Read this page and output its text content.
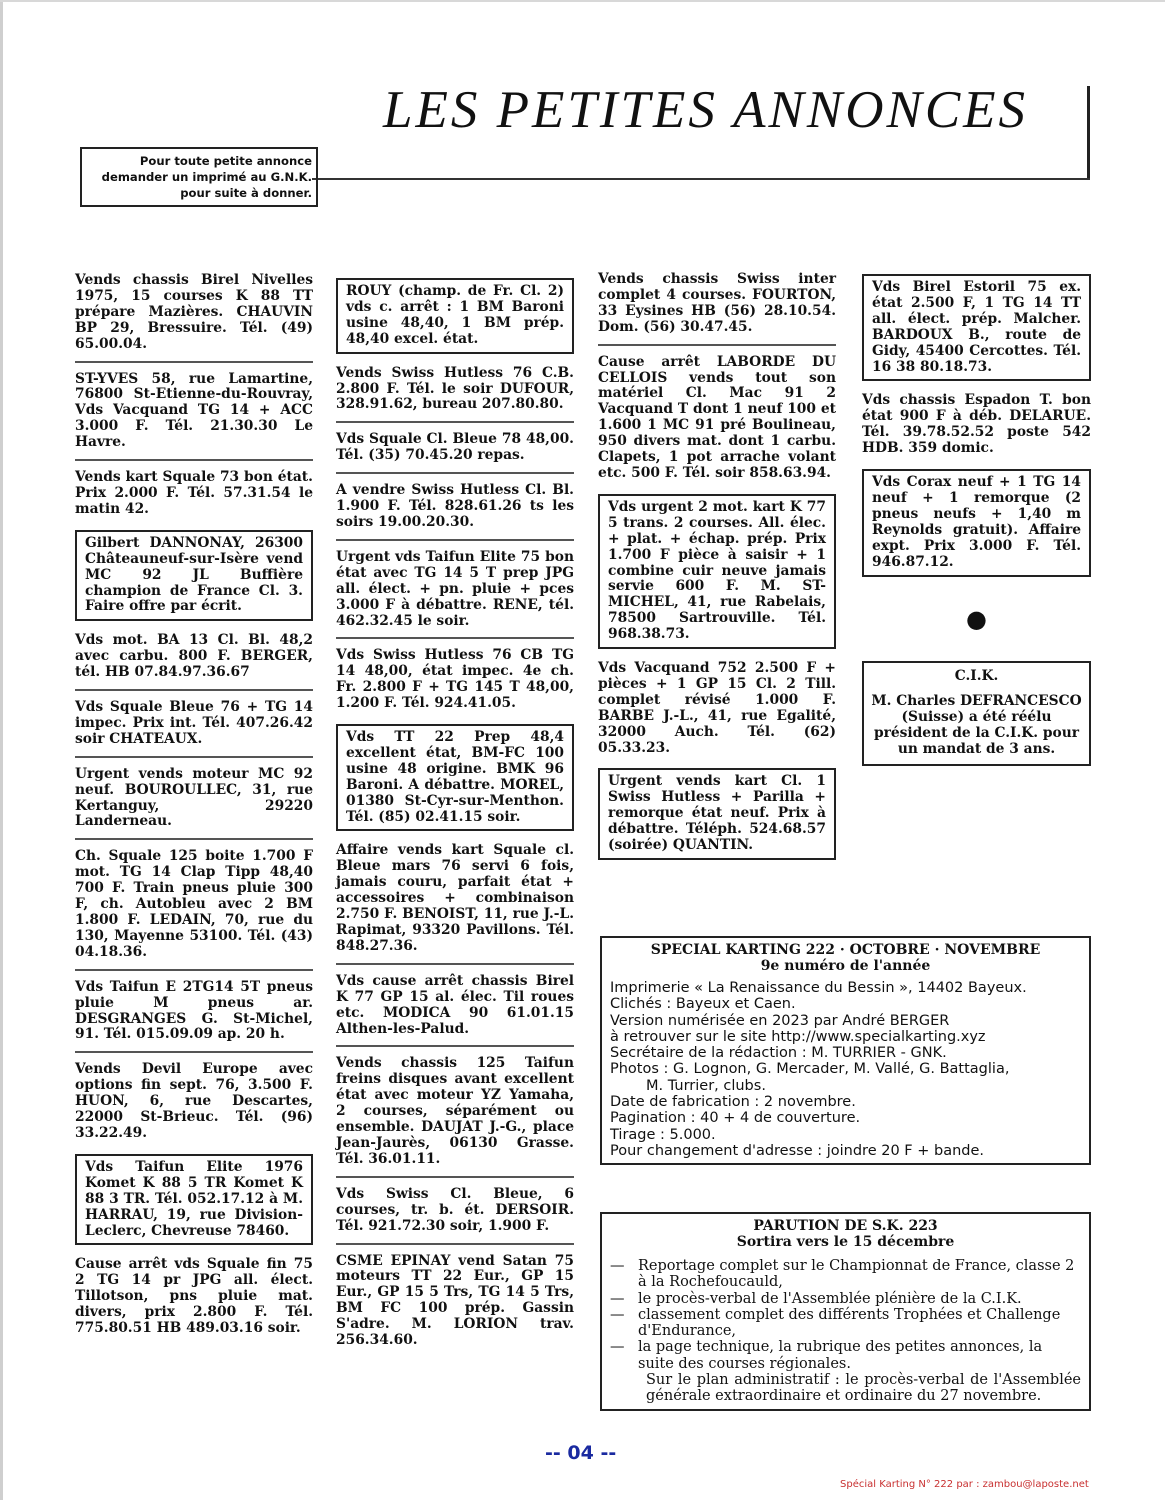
LES PETITES ANNONCES
Pour toute petite annonce demander un imprimé au G.N.K. pour suite à donner.
Vends chassis Birel Nivelles 1975, 15 courses K 88 TT prépare Mazières. CHAUVIN BP 29, Bressuire. Tél. (49) 65.00.04.
ST-YVES 58, rue Lamartine, 76800 St-Etienne-du-Rouvray, Vds Vacquand TG 14 + ACC 3.000 F. Tél. 21.30.30 Le Havre.
Vends kart Squale 73 bon état. Prix 2.000 F. Tél. 57.31.54 le matin 42.
Gilbert DANNONAY, 26300 Châteauneuf-sur-Isère vend MC 92 JL Buffière champion de France Cl. 3. Faire offre par écrit.
Vds mot. BA 13 Cl. Bl. 48,2 avec carbu. 800 F. BERGER, tél. HB 07.84.97.36.67
Vds Squale Bleue 76 + TG 14 impec. Prix int. Tél. 407.26.42 soir CHATEAUX.
Urgent vends moteur MC 92 neuf. BOUROULLEC, 31, rue Kertanguy, 29220 Landerneau.
Ch. Squale 125 boite 1.700 F mot. TG 14 Clap Tipp 48,40 700 F. Train pneus pluie 300 F, ch. Autobleu avec 2 BM 1.800 F. LEDAIN, 70, rue du 130, Mayenne 53100. Tél. (43) 04.18.36.
Vds Taifun E 2TG14 5T pneus pluie M pneus ar. DESGRANGES G. St-Michel, 91. Tél. 015.09.09 ap. 20 h.
Vends Devil Europe avec options fin sept. 76, 3.500 F. HUON, 6, rue Descartes, 22000 St-Brieuc. Tél. (96) 33.22.49.
Vds Taifun Elite 1976 Komet K 88 5 TR Komet K 88 3 TR. Tél. 052.17.12 à M. HARRAU, 19, rue Division-Leclerc, Chevreuse 78460.
Cause arrêt vds Squale fin 75 2 TG 14 pr JPG all. élect. Tillotson, pns pluie mat. divers, prix 2.800 F. Tél. 775.80.51 HB 489.03.16 soir.
ROUY (champ. de Fr. Cl. 2) vds c. arrêt : 1 BM Baroni usine 48,40, 1 BM prép. 48,40 excel. état.
Vends Swiss Hutless 76 C.B. 2.800 F. Tél. le soir DUFOUR, 328.91.62, bureau 207.80.80.
Vds Squale Cl. Bleue 78 48,00. Tél. (35) 70.45.20 repas.
A vendre Swiss Hutless Cl. Bl. 1.900 F. Tél. 828.61.26 ts les soirs 19.00.20.30.
Urgent vds Taifun Elite 75 bon état avec TG 14 5 T prep JPG all. élect. + pn. pluie + pces 3.000 F à débattre. RENE, tél. 462.32.45 le soir.
Vds Swiss Hutless 76 CB TG 14 48,00, état impec. 4e ch. Fr. 2.800 F + TG 145 T 48,00, 1.200 F. Tél. 924.41.05.
Vds TT 22 Prep 48,4 excellent état, BM-FC 100 usine 48 origine. BMK 96 Baroni. A débattre. MOREL, 01380 St-Cyr-sur-Menthon. Tél. (85) 02.41.15 soir.
Affaire vends kart Squale cl. Bleue mars 76 servi 6 fois, jamais couru, parfait état + accessoires + combinaison 2.750 F. BENOIST, 11, rue J.-L. Rapimat, 93320 Pavillons. Tél. 848.27.36.
Vds cause arrêt chassis Birel K 77 GP 15 al. élec. Til roues etc. MODICA 90 61.01.15 Althen-les-Palud.
Vends chassis 125 Taifun freins disques avant excellent état avec moteur YZ Yamaha, 2 courses, séparément ou ensemble. DAUJAT J.-G., place Jean-Jaurès, 06130 Grasse. Tél. 36.01.11.
Vds Swiss Cl. Bleue, 6 courses, tr. b. ét. DERSOIR. Tél. 921.72.30 soir, 1.900 F.
CSME EPINAY vend Satan 75 moteurs TT 22 Eur., GP 15 Eur., GP 15 5 Trs, TG 14 5 Trs, BM FC 100 prép. Gassin S'adre. M. LORION trav. 256.34.60.
Vends chassis Swiss inter complet 4 courses. FOURTON, 33 Eysines HB (56) 28.10.54. Dom. (56) 30.47.45.
Cause arrêt LABORDE DU CELLOIS vends tout son matériel Cl. Mac 91 2 Vacquand T dont 1 neuf 100 et 1.600 1 MC 91 pré Boulineau, 950 divers mat. dont 1 carbu. Clapets, 1 pot arrache volant etc. 500 F. Tél. soir 858.63.94.
Vds urgent 2 mot. kart K 77 5 trans. 2 courses. All. élec. + plat. + échap. prép. Prix 1.700 F pièce à saisir + 1 combine cuir neuve jamais servie 600 F. M. ST-MICHEL, 41, rue Rabelais, 78500 Sartrouville. Tél. 968.38.73.
Vds Vacquand 752 2.500 F + pièces + 1 GP 15 Cl. 2 Till. complet révisé 1.000 F. BARBE J.-L., 41, rue Egalité, 32000 Auch. Tél. (62) 05.33.23.
Urgent vends kart Cl. 1 Swiss Hutless + Parilla + remorque état neuf. Prix à débattre. Téléph. 524.68.57 (soirée) QUANTIN.
Vds Birel Estoril 75 ex. état 2.500 F, 1 TG 14 TT all. élect. prép. Malcher. BARDOUX B., route de Gidy, 45400 Cercottes. Tél. 16 38 80.18.73.
Vds chassis Espadon T. bon état 900 F à déb. DELARUE. Tél. 39.78.52.52 poste 542 HDB. 359 domic.
Vds Corax neuf + 1 TG 14 neuf + 1 remorque (2 pneus neufs + 1,40 m Reynolds gratuit). Affaire expt. Prix 3.000 F. Tél. 946.87.12.
●
C.I.K.
M. Charles DEFRANCESCO (Suisse) a été réélu président de la C.I.K. pour un mandat de 3 ans.
SPECIAL KARTING 222 · OCTOBRE · NOVEMBRE
9e numéro de l'année
Imprimerie « La Renaissance du Bessin », 14402 Bayeux.
Clichés : Bayeux et Caen.
Version numérisée en 2023 par André BERGER
à retrouver sur le site http://www.specialkarting.xyz
Secrétaire de la rédaction : M. TURRIER - GNK.
Photos : G. Lognon, G. Mercader, M. Vallé, G. Battaglia,
M. Turrier, clubs.
Date de fabrication : 2 novembre.
Pagination : 40 + 4 de couverture.
Tirage : 5.000.
Pour changement d'adresse : joindre 20 F + bande.
PARUTION DE S.K. 223
Sortira vers le 15 décembre
— Reportage complet sur le Championnat de France, classe 2 à la Rochefoucauld,
— le procès-verbal de l'Assemblée plénière de la C.I.K.
— classement complet des différents Trophées et Challenge d'Endurance,
— la page technique, la rubrique des petites annonces, la suite des courses régionales.
Sur le plan administratif : le procès-verbal de l'Assemblée générale extraordinaire et ordinaire du 27 novembre.
-- 04 --
Spécial Karting N° 222 par : zambou@laposte.net
